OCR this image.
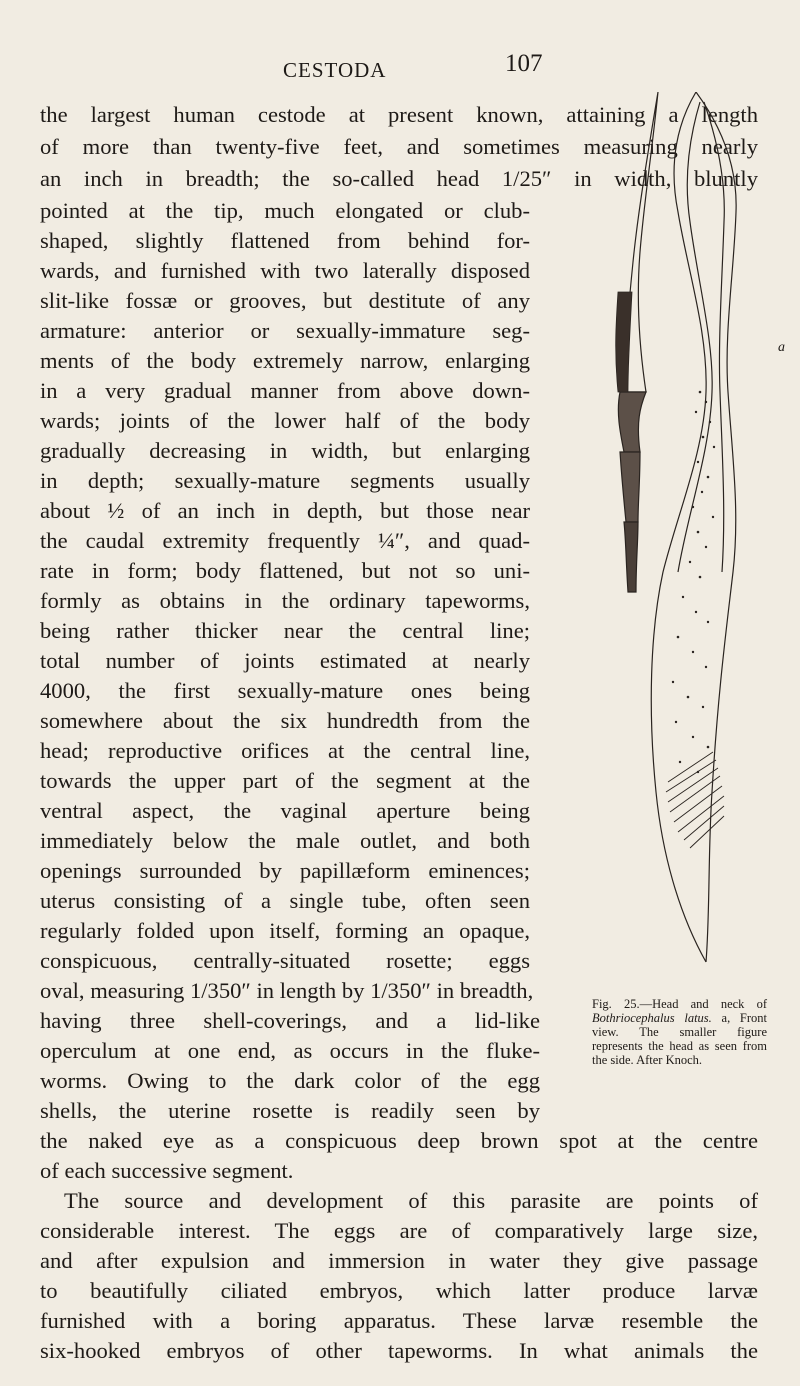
CESTODA	107
the largest human cestode at present known, attaining a length
of more than twenty-five feet, and sometimes measuring nearly
an inch in breadth; the so-called head 1/25″ in width, bluntly
pointed at the tip, much elongated or club-
shaped, slightly flattened from behind for-
wards, and furnished with two laterally disposed
slit-like fossæ or grooves, but destitute of any
armature: anterior or sexually-immature seg-
ments of the body extremely narrow, enlarging
in a very gradual manner from above down-
wards; joints of the lower half of the body
gradually decreasing in width, but enlarging
in depth; sexually-mature segments usually
about ½ of an inch in depth, but those near
the caudal extremity frequently ¼″, and quad-
rate in form; body flattened, but not so uni-
formly as obtains in the ordinary tapeworms,
being rather thicker near the central line;
total number of joints estimated at nearly
4000, the first sexually-mature ones being
somewhere about the six hundredth from the
head; reproductive orifices at the central line,
towards the upper part of the segment at the
ventral aspect, the vaginal aperture being
immediately below the male outlet, and both
openings surrounded by papillæform eminences;
uterus consisting of a single tube, often seen
regularly folded upon itself, forming an opaque,
conspicuous, centrally-situated rosette; eggs
oval, measuring 1/350″ in length by 1/350″ in breadth,
having three shell-coverings, and a lid-like
operculum at one end, as occurs in the fluke-
worms. Owing to the dark color of the egg
shells, the uterine rosette is readily seen by
the naked eye as a conspicuous deep brown spot at the centre
of each successive segment.
The source and development of this parasite are points of
considerable interest. The eggs are of comparatively large size,
and after expulsion and immersion in water they give passage
to beautifully ciliated embryos, which latter produce larvæ
furnished with a boring apparatus. These larvæ resemble the
six-hooked embryos of other tapeworms. In what animals the
a
Fig. 25.—Head and neck of Bothriocephalus latus. a, Front view. The smaller figure represents the head as seen from the side. After Knoch.
